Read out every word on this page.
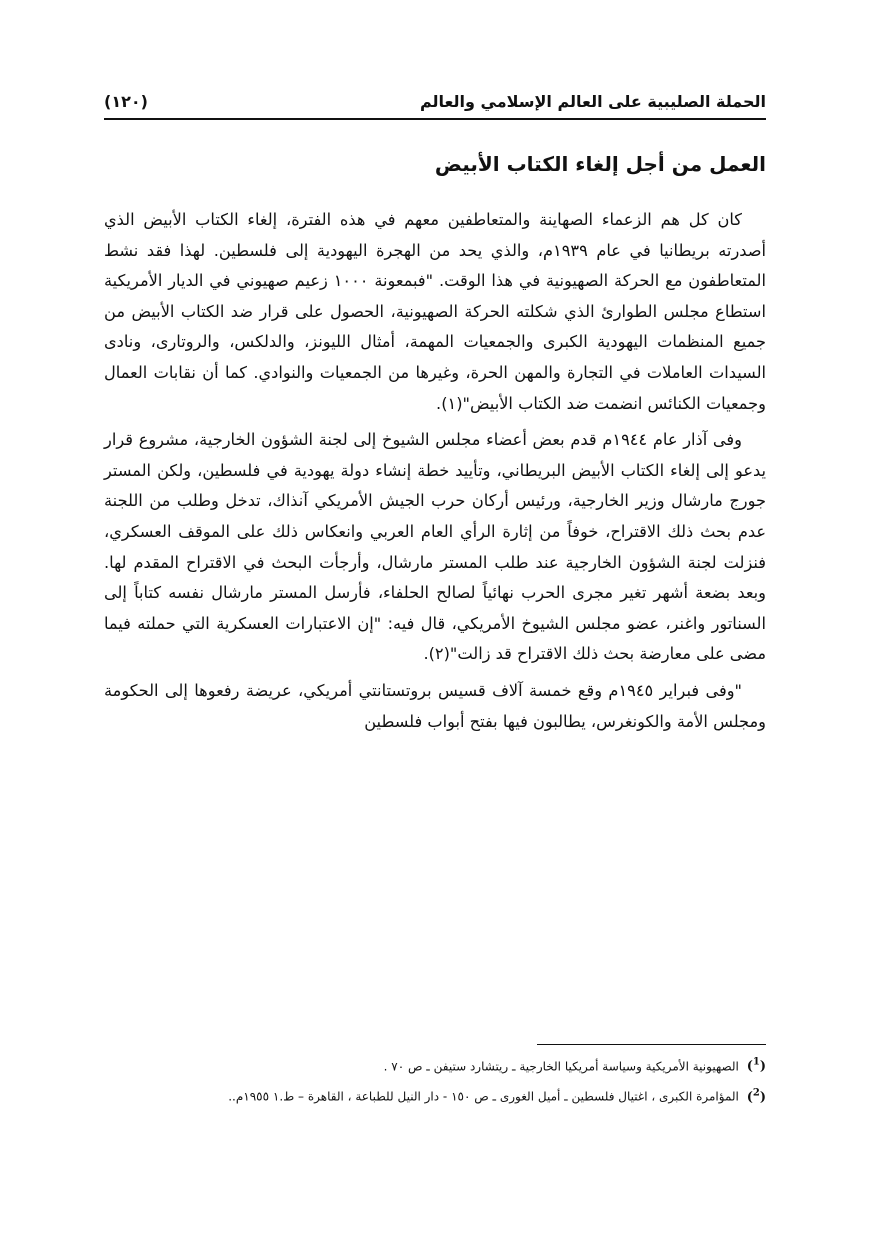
الحملة الصليبية على العالم الإسلامي والعالم
(١٢٠)
العمل من أجل إلغاء الكتاب الأبيض

كان كل هم الزعماء الصهاينة والمتعاطفين معهم في هذه الفترة، إلغاء الكتاب الأبيض الذي أصدرته بريطانيا في عام ١٩٣٩م، والذي يحد من الهجرة اليهودية إلى فلسطين. لهذا فقد نشط المتعاطفون مع الحركة الصهيونية في هذا الوقت. "فبمعونة ١٠٠٠ زعيم صهيوني في الديار الأمريكية استطاع مجلس الطوارئ الذي شكلته الحركة الصهيونية، الحصول على قرار ضد الكتاب الأبيض من جميع المنظمات اليهودية الكبرى والجمعيات المهمة، أمثال الليونز، والدلكس، والروتارى، ونادى السيدات العاملات في التجارة والمهن الحرة، وغيرها من الجمعيات والنوادي. كما أن نقابات العمال وجمعيات الكنائس انضمت ضد الكتاب الأبيض"(١).

وفى آذار عام ١٩٤٤م قدم بعض أعضاء مجلس الشيوخ إلى لجنة الشؤون الخارجية، مشروع قرار يدعو إلى إلغاء الكتاب الأبيض البريطاني، وتأييد خطة إنشاء دولة يهودية في فلسطين، ولكن المستر جورج مارشال وزير الخارجية، ورئيس أركان حرب الجيش الأمريكي آنذاك، تدخل وطلب من اللجنة عدم بحث ذلك الاقتراح، خوفاً من إثارة الرأي العام العربي وانعكاس ذلك على الموقف العسكري، فنزلت لجنة الشؤون الخارجية عند طلب المستر مارشال، وأرجأت البحث في الاقتراح المقدم لها. وبعد بضعة أشهر تغير مجرى الحرب نهائياً لصالح الحلفاء، فأرسل المستر مارشال نفسه كتاباً إلى السناتور واغنر، عضو مجلس الشيوخ الأمريكي، قال فيه: "إن الاعتبارات العسكرية التي حملته فيما مضى على معارضة بحث ذلك الاقتراح قد زالت"(٢).

"وفى فبراير ١٩٤٥م وقع خمسة آلاف قسيس بروتستانتي أمريكي، عريضة رفعوها إلى الحكومة ومجلس الأمة والكونغرس، يطالبون فيها بفتح أبواب فلسطين

($^1$) الصهيونية الأمريكية وسياسة أمريكيا الخارجية ـ ريتشارد ستيفن ـ ص ٧٠ .

($^2$) المؤامرة الكبرى ، اغتيال فلسطين ـ أميل الغورى ـ ص ١٥٠ - دار النيل للطباعة ، القاهرة – ط.١ ١٩٥٥م..
